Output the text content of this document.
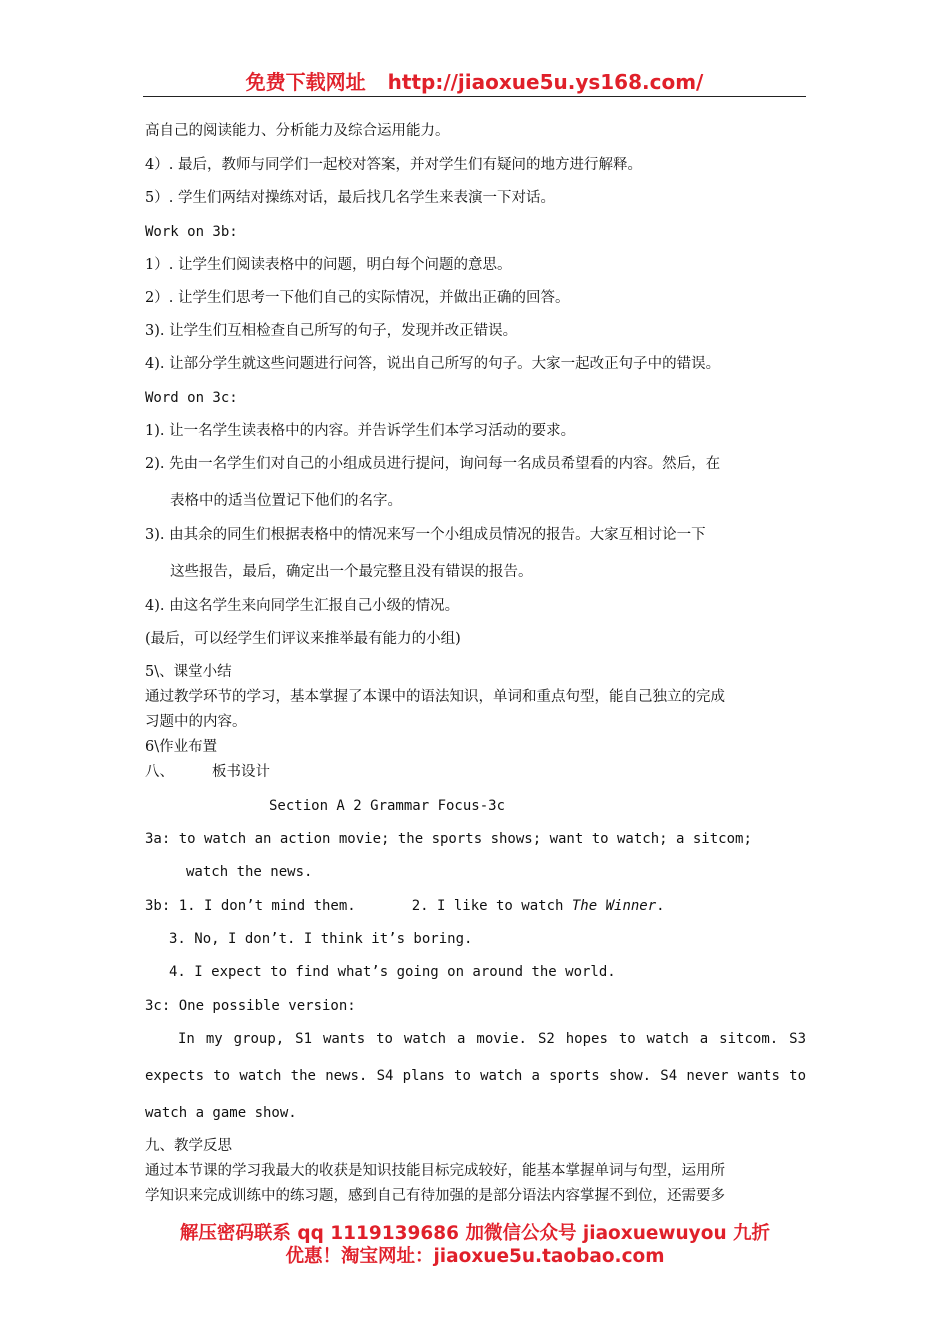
免费下载网址 http://jiaoxue5u.ys168.com/
高自己的阅读能力、分析能力及综合运用能力。
4）. 最后，教师与同学们一起校对答案，并对学生们有疑问的地方进行解释。
5）. 学生们两结对操练对话，最后找几名学生来表演一下对话。
Work on 3b:
1）. 让学生们阅读表格中的问题，明白每个问题的意思。
2）. 让学生们思考一下他们自己的实际情况，并做出正确的回答。
3). 让学生们互相检查自己所写的句子，发现并改正错误。
4). 让部分学生就这些问题进行问答，说出自己所写的句子。大家一起改正句子中的错误。
Word on 3c:
1). 让一名学生读表格中的内容。并告诉学生们本学习活动的要求。
2). 先由一名学生们对自己的小组成员进行提问，询问每一名成员希望看的内容。然后，在
表格中的适当位置记下他们的名字。
3). 由其余的同生们根据表格中的情况来写一个小组成员情况的报告。大家互相讨论一下
这些报告，最后，确定出一个最完整且没有错误的报告。
4). 由这名学生来向同学生汇报自己小级的情况。
(最后，可以经学生们评议来推举最有能力的小组)
5\、课堂小结
通过教学环节的学习，基本掌握了本课中的语法知识，单词和重点句型，能自己独立的完成
习题中的内容。
6\作业布置
八、	板书设计
Section A 2 Grammar Focus-3c
3a: to watch an action movie; the sports shows; want to watch; a sitcom;
watch the news.
3b: 1. I don’t mind them.	2. I like to watch The Winner.
3. No, I don’t. I think it’s boring.
4. I expect to find what’s going on around the world.
3c: One possible version:
In my group, S1 wants to watch a movie. S2 hopes to watch a sitcom. S3
expects to watch the news. S4 plans to watch a sports show. S4 never wants to
watch a game show.
九、教学反思
通过本节课的学习我最大的收获是知识技能目标完成较好，能基本掌握单词与句型，运用所
学知识来完成训练中的练习题，感到自己有待加强的是部分语法内容掌握不到位，还需要多
解压密码联系 qq 1119139686 加微信公众号 jiaoxuewuyou 九折
优惠！淘宝网址：jiaoxue5u.taobao.com
